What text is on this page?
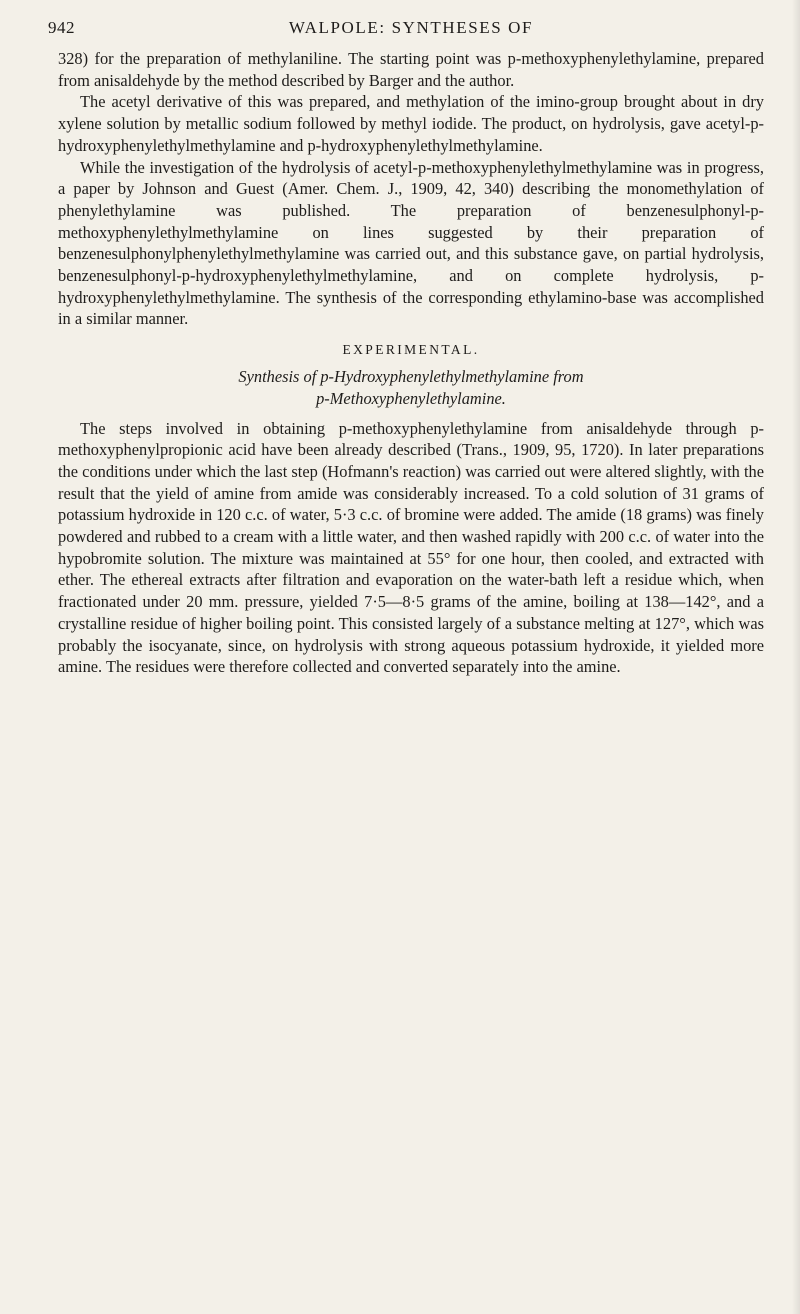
942	WALPOLE: SYNTHESES OF

328) for the preparation of methylaniline. The starting point was p-methoxyphenylethylamine, prepared from anisaldehyde by the method described by Barger and the author.

The acetyl derivative of this was prepared, and methylation of the imino-group brought about in dry xylene solution by metallic sodium followed by methyl iodide. The product, on hydrolysis, gave acetyl-p-hydroxyphenylethylmethylamine and p-hydroxyphenylethylmethylamine.

While the investigation of the hydrolysis of acetyl-p-methoxyphenylethylmethylamine was in progress, a paper by Johnson and Guest (Amer. Chem. J., 1909, 42, 340) describing the monomethylation of phenylethylamine was published. The preparation of benzenesulphonyl-p-methoxyphenylethylmethylamine on lines suggested by their preparation of benzenesulphonylphenylethylmethylamine was carried out, and this substance gave, on partial hydrolysis, benzenesulphonyl-p-hydroxyphenylethylmethylamine, and on complete hydrolysis, p-hydroxyphenylethylmethylamine. The synthesis of the corresponding ethylamino-base was accomplished in a similar manner.

EXPERIMENTAL.
Synthesis of p-Hydroxyphenylethylmethylamine from
p-Methoxyphenylethylamine.

The steps involved in obtaining p-methoxyphenylethylamine from anisaldehyde through p-methoxyphenylpropionic acid have been already described (Trans., 1909, 95, 1720). In later preparations the conditions under which the last step (Hofmann's reaction) was carried out were altered slightly, with the result that the yield of amine from amide was considerably increased. To a cold solution of 31 grams of potassium hydroxide in 120 c.c. of water, 5·3 c.c. of bromine were added. The amide (18 grams) was finely powdered and rubbed to a cream with a little water, and then washed rapidly with 200 c.c. of water into the hypobromite solution. The mixture was maintained at 55° for one hour, then cooled, and extracted with ether. The ethereal extracts after filtration and evaporation on the water-bath left a residue which, when fractionated under 20 mm. pressure, yielded 7·5—8·5 grams of the amine, boiling at 138—142°, and a crystalline residue of higher boiling point. This consisted largely of a substance melting at 127°, which was probably the isocyanate, since, on hydrolysis with strong aqueous potassium hydroxide, it yielded more amine. The residues were therefore collected and converted separately into the amine.
